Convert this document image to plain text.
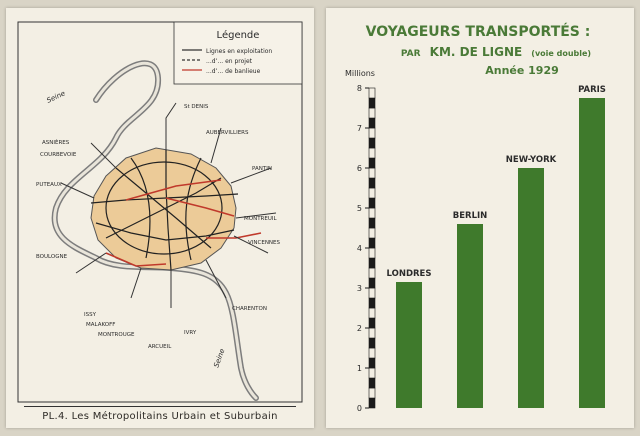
Légende
Lignes en exploitation
...d’... en projet
...d’... de banlieue
Seine
Seine
ASNIÈRES
COURBEVOIE
PUTEAUX
BOULOGNE
ISSY
MALAKOFF
MONTROUGE
ARCUEIL
IVRY
CHARENTON
VINCENNES
MONTREUIL
PANTIN
AUBERVILLIERS
St DENIS
PL.4. Les Métropolitains Urbain et Suburbain
VOYAGEURS TRANSPORTÉS :
PAR KM. DE LIGNE (voie double)
Année 1929
Millions
0
1
2
3
4
5
6
7
8
LONDRES
BERLIN
NEW-YORK
PARIS
